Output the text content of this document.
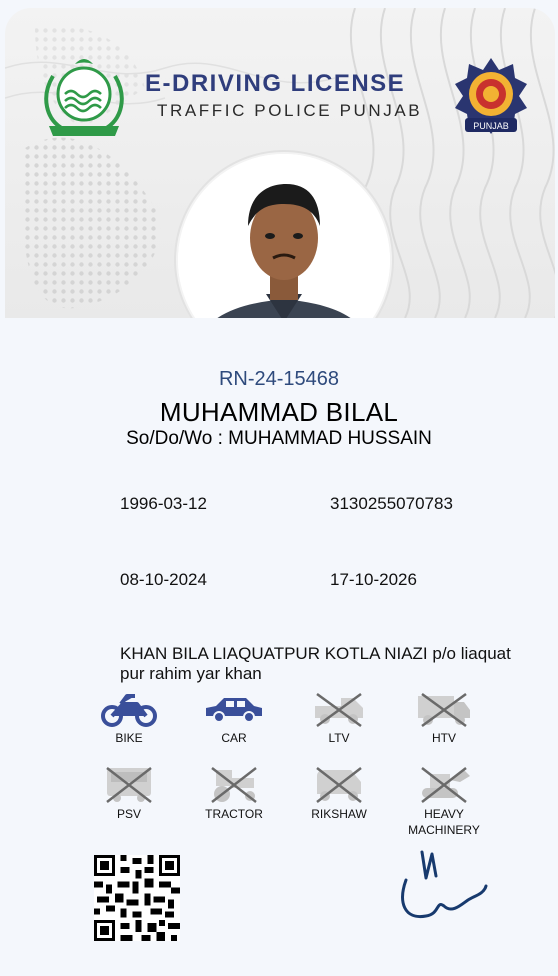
E-DRIVING LICENSE
TRAFFIC POLICE PUNJAB
PUNJAB
RN-24-15468
MUHAMMAD BILAL
So/Do/Wo : MUHAMMAD HUSSAIN
1996-03-12	3130255070783
08-10-2024	17-10-2026
KHAN BILA LIAQUATPUR KOTLA NIAZI p/o liaquat pur rahim yar khan
BIKE	CAR	LTV	HTV
PSV	TRACTOR	RIKSHAW	HEAVY MACHINERY
